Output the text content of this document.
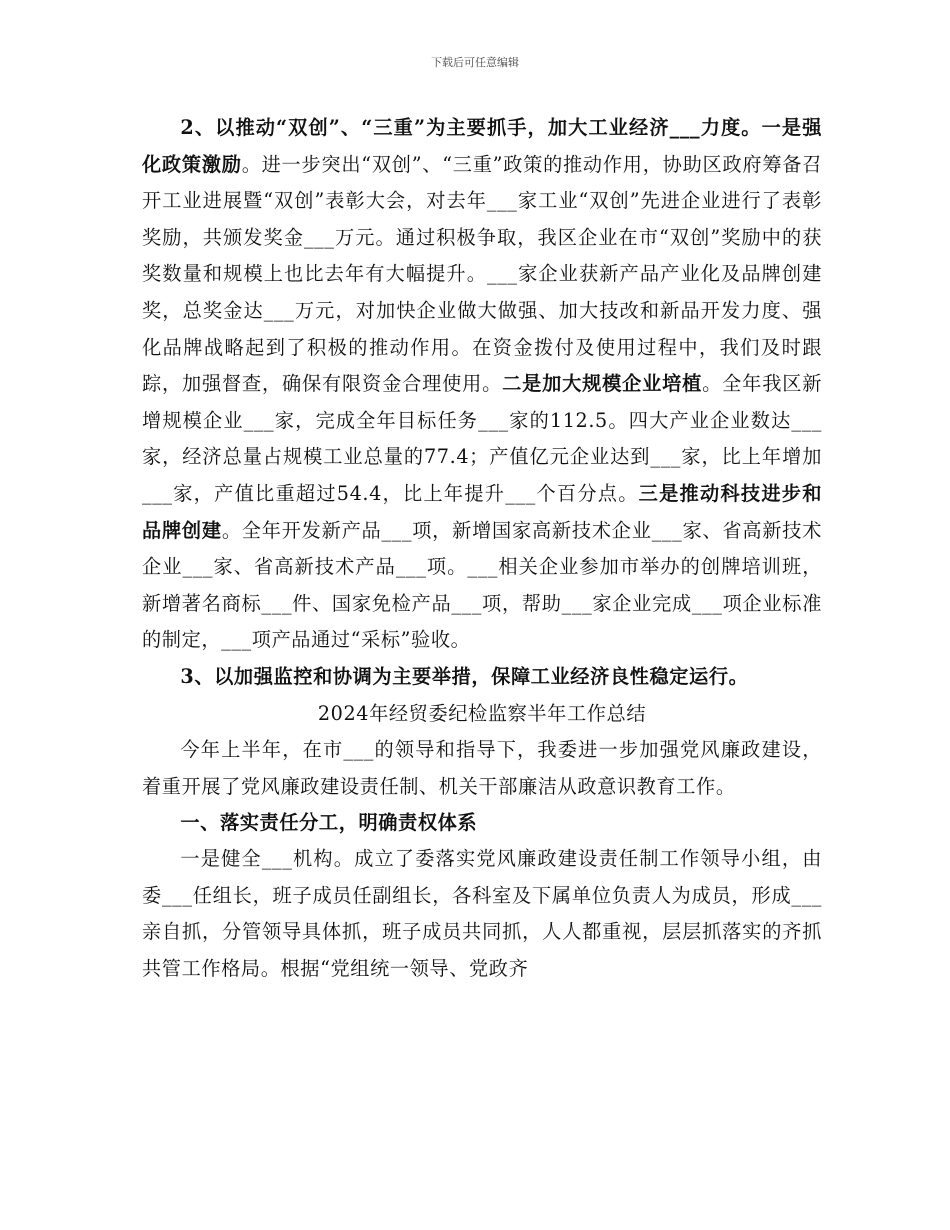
下载后可任意编辑

2、以推动“双创”、“三重”为主要抓手，加大工业经济___力度。一是强化政策激励。进一步突出“双创”、“三重”政策的推动作用，协助区政府筹备召开工业进展暨“双创”表彰大会，对去年___家工业“双创”先进企业进行了表彰奖励，共颁发奖金___万元。通过积极争取，我区企业在市“双创”奖励中的获奖数量和规模上也比去年有大幅提升。___家企业获新产品产业化及品牌创建奖，总奖金达___万元，对加快企业做大做强、加大技改和新品开发力度、强化品牌战略起到了积极的推动作用。在资金拨付及使用过程中，我们及时跟踪，加强督查，确保有限资金合理使用。二是加大规模企业培植。全年我区新增规模企业___家，完成全年目标任务___家的112.5。四大产业企业数达___家，经济总量占规模工业总量的77.4；产值亿元企业达到___家，比上年增加___家，产值比重超过54.4，比上年提升___个百分点。三是推动科技进步和品牌创建。全年开发新产品___项，新增国家高新技术企业___家、省高新技术企业___家、省高新技术产品___项。___相关企业参加市举办的创牌培训班，新增著名商标___件、国家免检产品___项，帮助___家企业完成___项企业标准的制定，___项产品通过“采标”验收。

3、以加强监控和协调为主要举措，保障工业经济良性稳定运行。

2024年经贸委纪检监察半年工作总结

今年上半年，在市___的领导和指导下，我委进一步加强党风廉政建设，着重开展了党风廉政建设责任制、机关干部廉洁从政意识教育工作。

一、落实责任分工，明确责权体系

一是健全___机构。成立了委落实党风廉政建设责任制工作领导小组，由委___任组长，班子成员任副组长，各科室及下属单位负责人为成员，形成___亲自抓，分管领导具体抓，班子成员共同抓，人人都重视，层层抓落实的齐抓共管工作格局。根据“党组统一领导、党政齐
